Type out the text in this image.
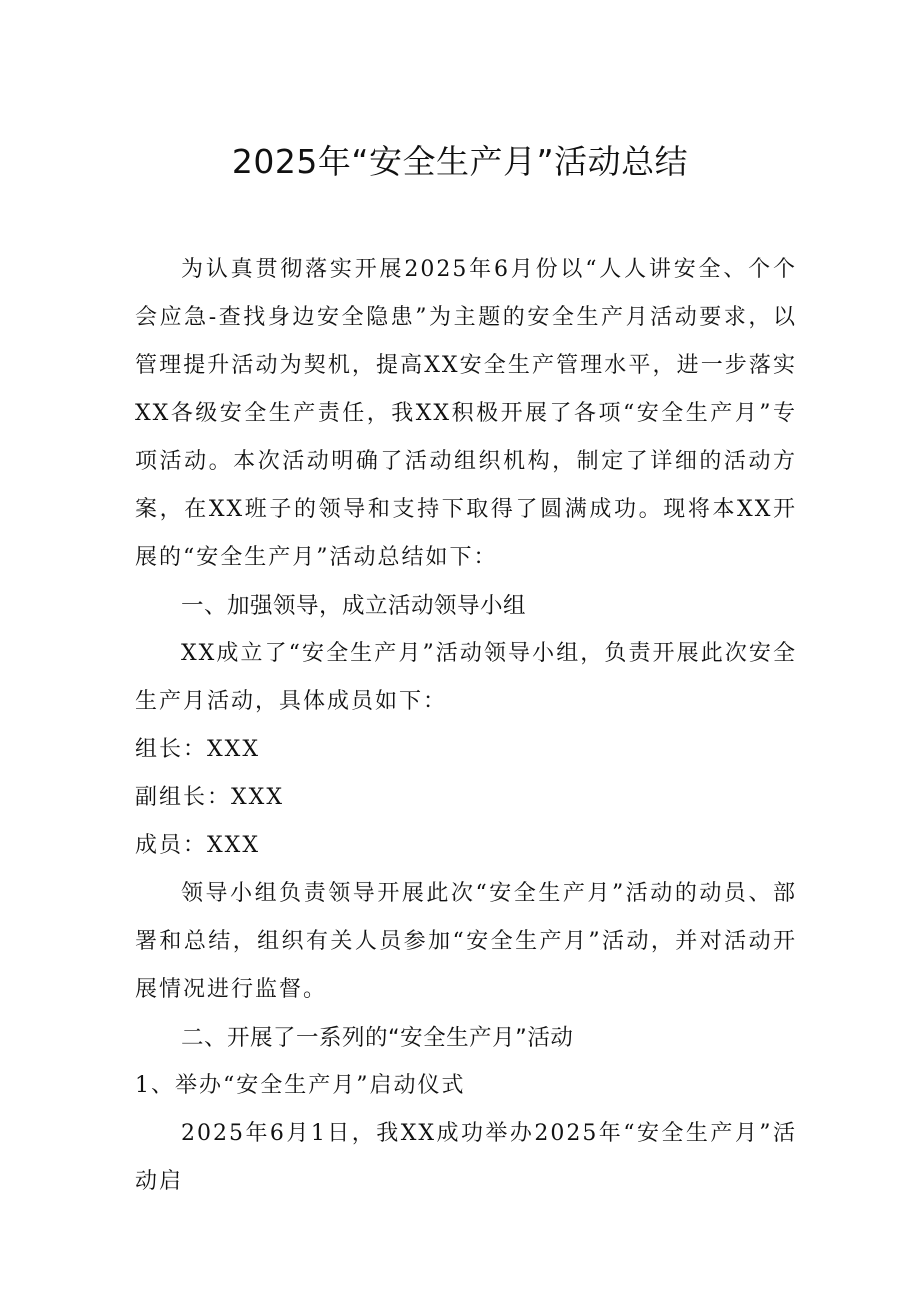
2025年“安全生产月”活动总结

为认真贯彻落实开展2025年6月份以“人人讲安全、个个会应急-查找身边安全隐患”为主题的安全生产月活动要求，以管理提升活动为契机，提高XX安全生产管理水平，进一步落实XX各级安全生产责任，我XX积极开展了各项“安全生产月”专项活动。本次活动明确了活动组织机构，制定了详细的活动方案，在XX班子的领导和支持下取得了圆满成功。现将本XX开展的“安全生产月”活动总结如下：

一、加强领导，成立活动领导小组

XX成立了“安全生产月”活动领导小组，负责开展此次安全生产月活动，具体成员如下：

组长：XXX

副组长：XXX

成员：XXX

领导小组负责领导开展此次“安全生产月”活动的动员、部署和总结，组织有关人员参加“安全生产月”活动，并对活动开展情况进行监督。

二、开展了一系列的“安全生产月”活动

1、举办“安全生产月”启动仪式

2025年6月1日，我XX成功举办2025年“安全生产月”活动启
